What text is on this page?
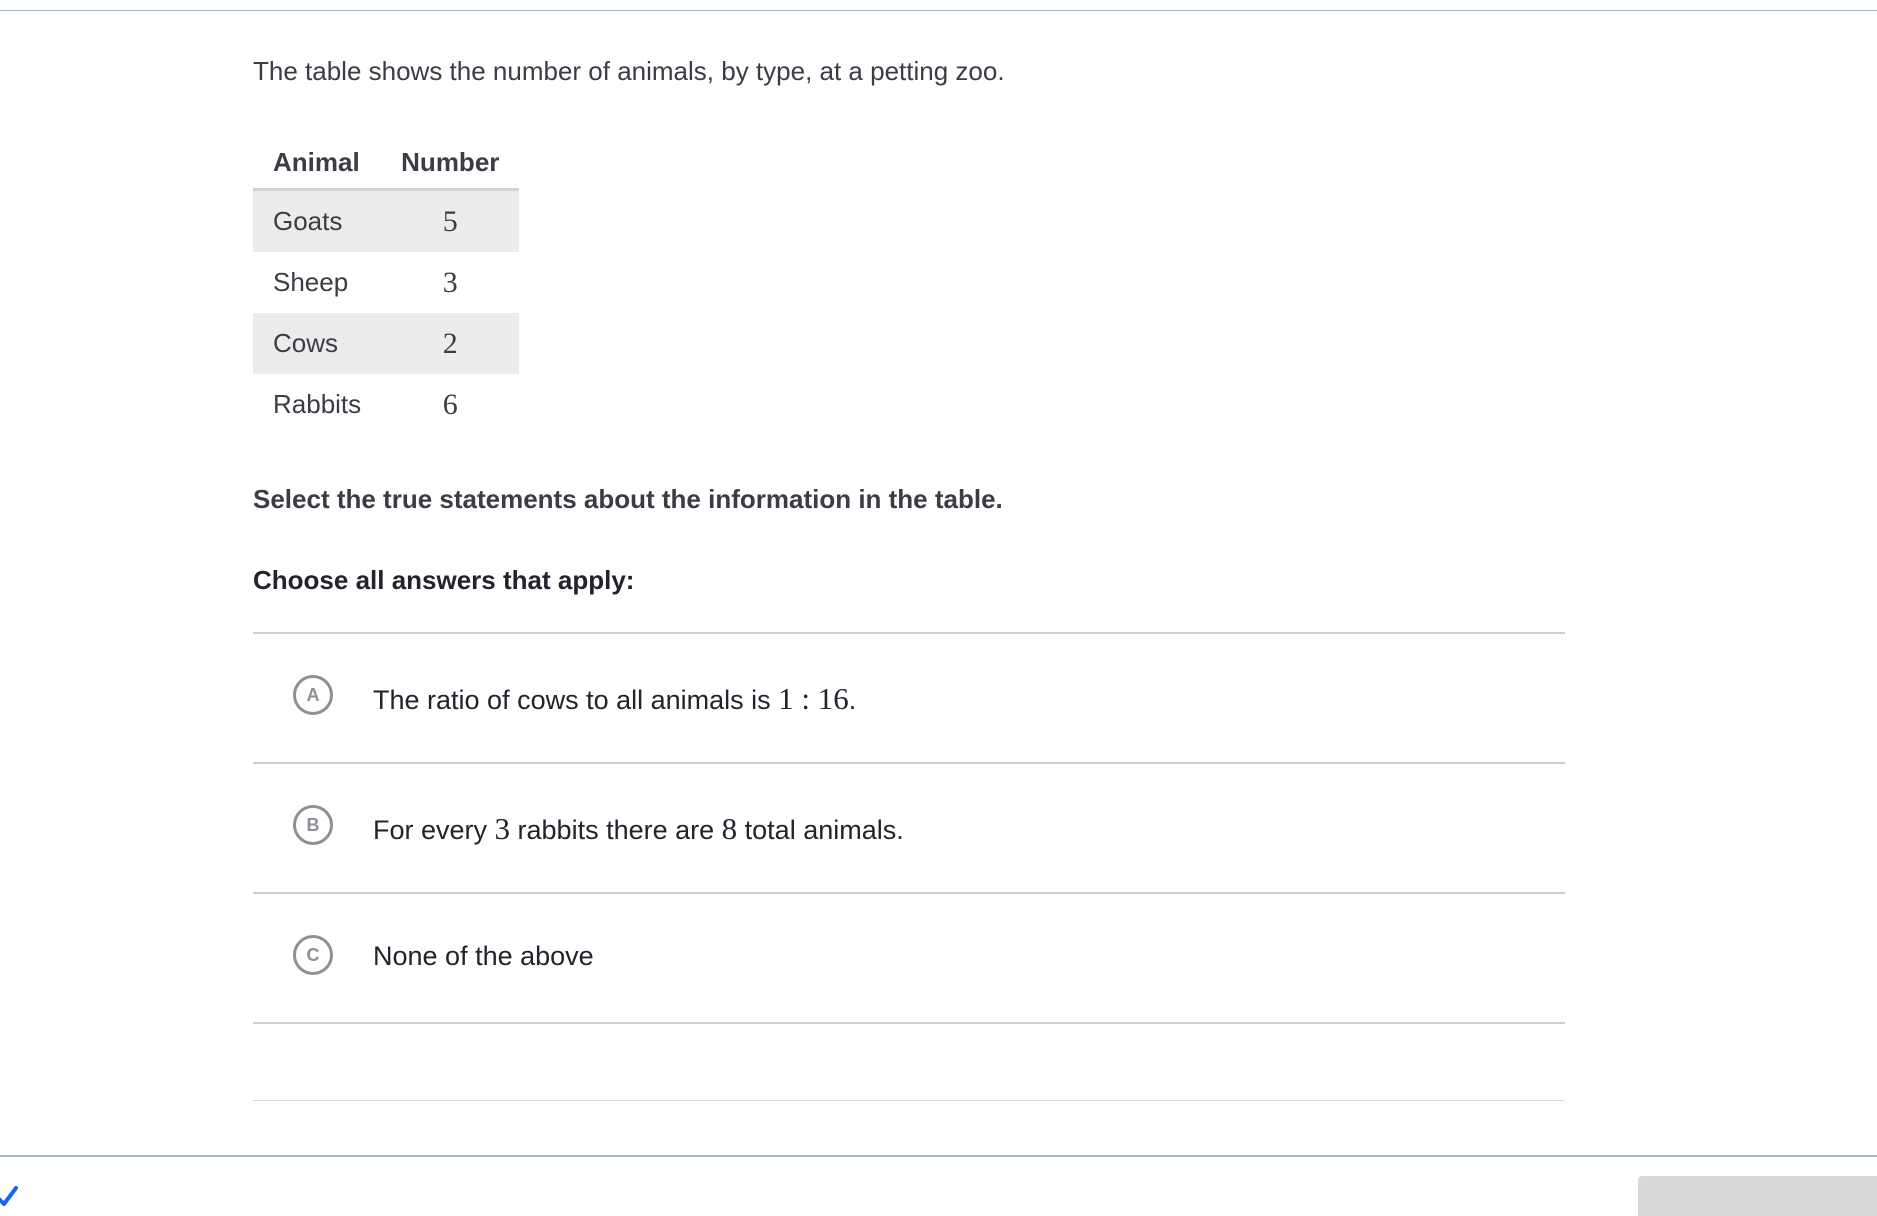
The table shows the number of animals, by type, at a petting zoo.
Animal	Number
Goats	5
Sheep	3
Cows	2
Rabbits	6
Select the true statements about the information in the table.
Choose all answers that apply:
A	The ratio of cows to all animals is 1 : 16.
B	For every 3 rabbits there are 8 total animals.
C	None of the above
